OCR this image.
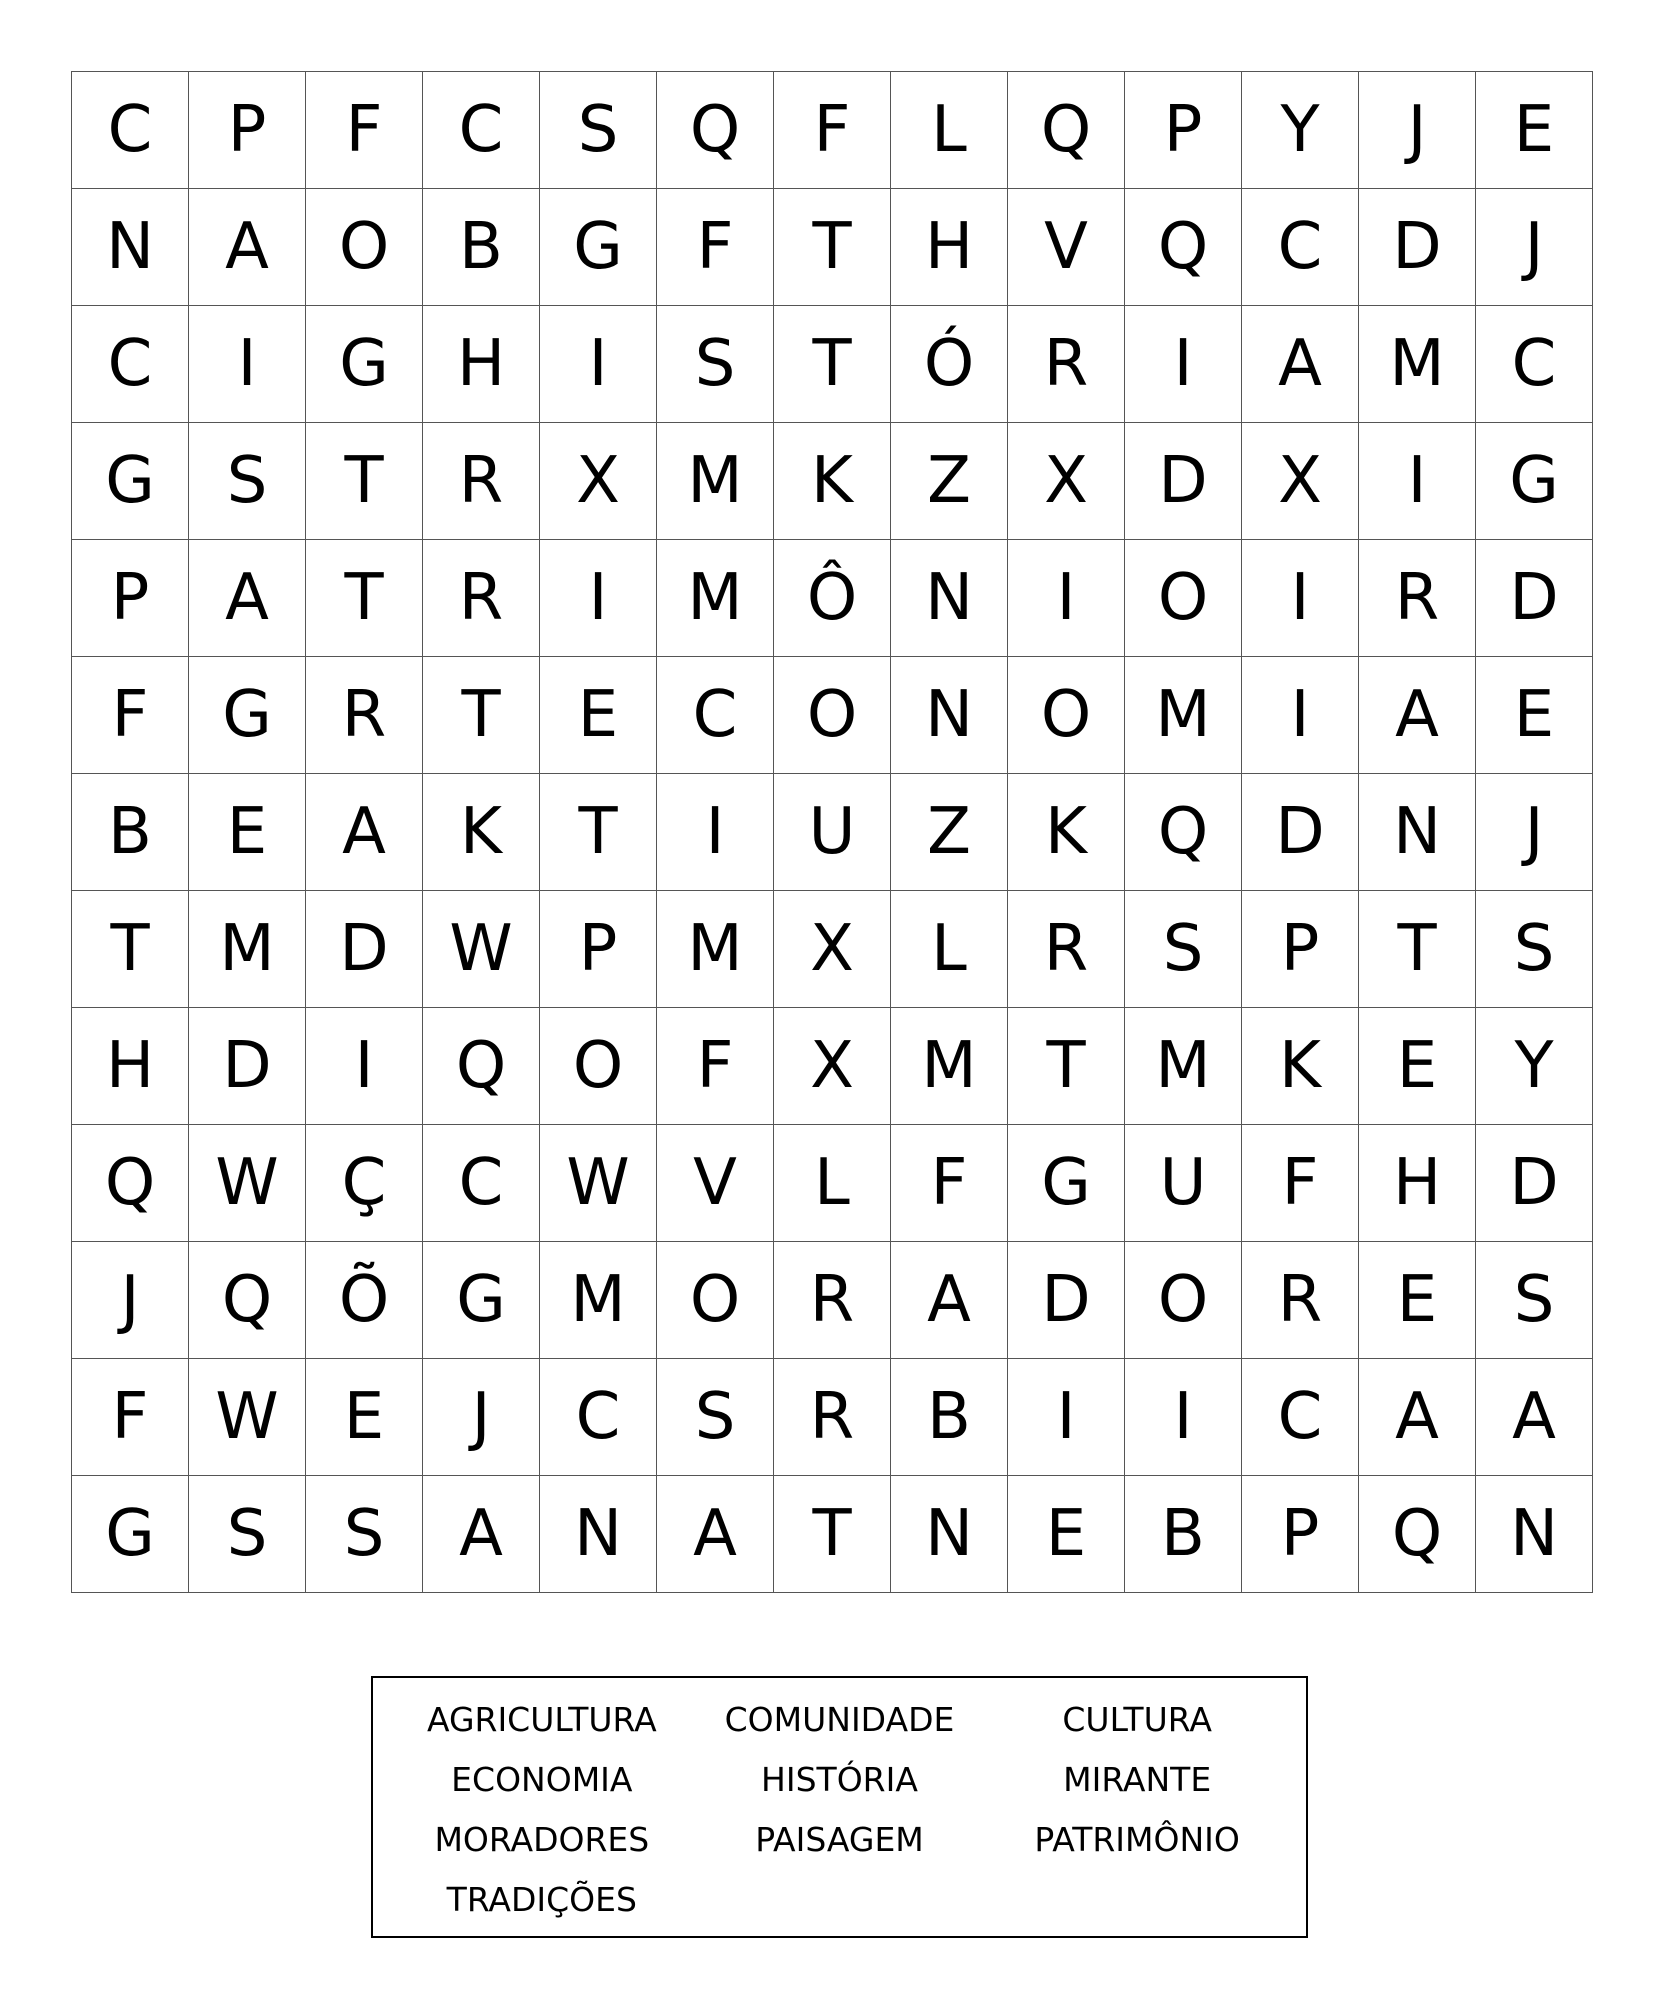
C	P	F	C	S	Q	F	L	Q	P	Y	J	E
N	A	O	B	G	F	T	H	V	Q	C	D	J
C	I	G	H	I	S	T	Ó	R	I	A	M	C
G	S	T	R	X	M	K	Z	X	D	X	I	G
P	A	T	R	I	M	Ô	N	I	O	I	R	D
F	G	R	T	E	C	O	N	O	M	I	A	E
B	E	A	K	T	I	U	Z	K	Q	D	N	J
T	M	D	W	P	M	X	L	R	S	P	T	S
H	D	I	Q	O	F	X	M	T	M	K	E	Y
Q	W	Ç	C	W	V	L	F	G	U	F	H	D
J	Q	Õ	G	M	O	R	A	D	O	R	E	S
F	W	E	J	C	S	R	B	I	I	C	A	A
G	S	S	A	N	A	T	N	E	B	P	Q	N
AGRICULTURA	COMUNIDADE	CULTURA
ECONOMIA	HISTÓRIA	MIRANTE
MORADORES	PAISAGEM	PATRIMÔNIO
TRADIÇÕES
